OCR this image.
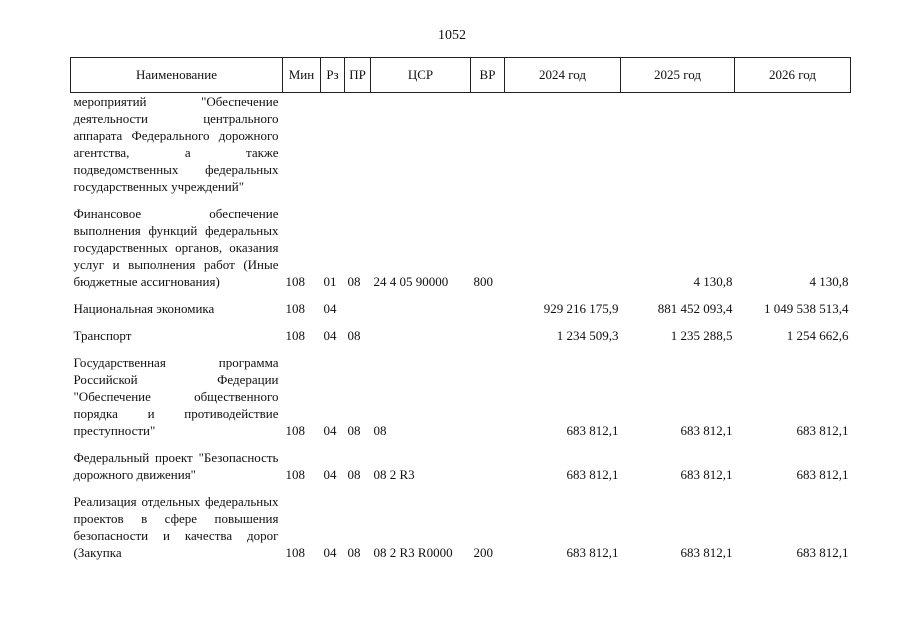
1052
Наименование	Мин	Рз	ПР	ЦСР	ВР	2024 год	2025 год	2026 год
мероприятий "Обеспечение деятельности центрального аппарата Федерального дорожного агентства, а также подведомственных федеральных государственных учреждений"								
Финансовое обеспечение выполнения функций федеральных государственных органов, оказания услуг и выполнения работ (Иные бюджетные ассигнования)	108	01	08	24 4 05 90000	800		4 130,8	4 130,8
Национальная экономика	108	04				929 216 175,9	881 452 093,4	1 049 538 513,4
Транспорт	108	04	08			1 234 509,3	1 235 288,5	1 254 662,6
Государственная программа Российской Федерации "Обеспечение общественного порядка и противодействие преступности"	108	04	08	08		683 812,1	683 812,1	683 812,1
Федеральный проект "Безопасность дорожного движения"	108	04	08	08 2 R3		683 812,1	683 812,1	683 812,1
Реализация отдельных федеральных проектов в сфере повышения безопасности и качества дорог (Закупка	108	04	08	08 2 R3 R0000	200	683 812,1	683 812,1	683 812,1
